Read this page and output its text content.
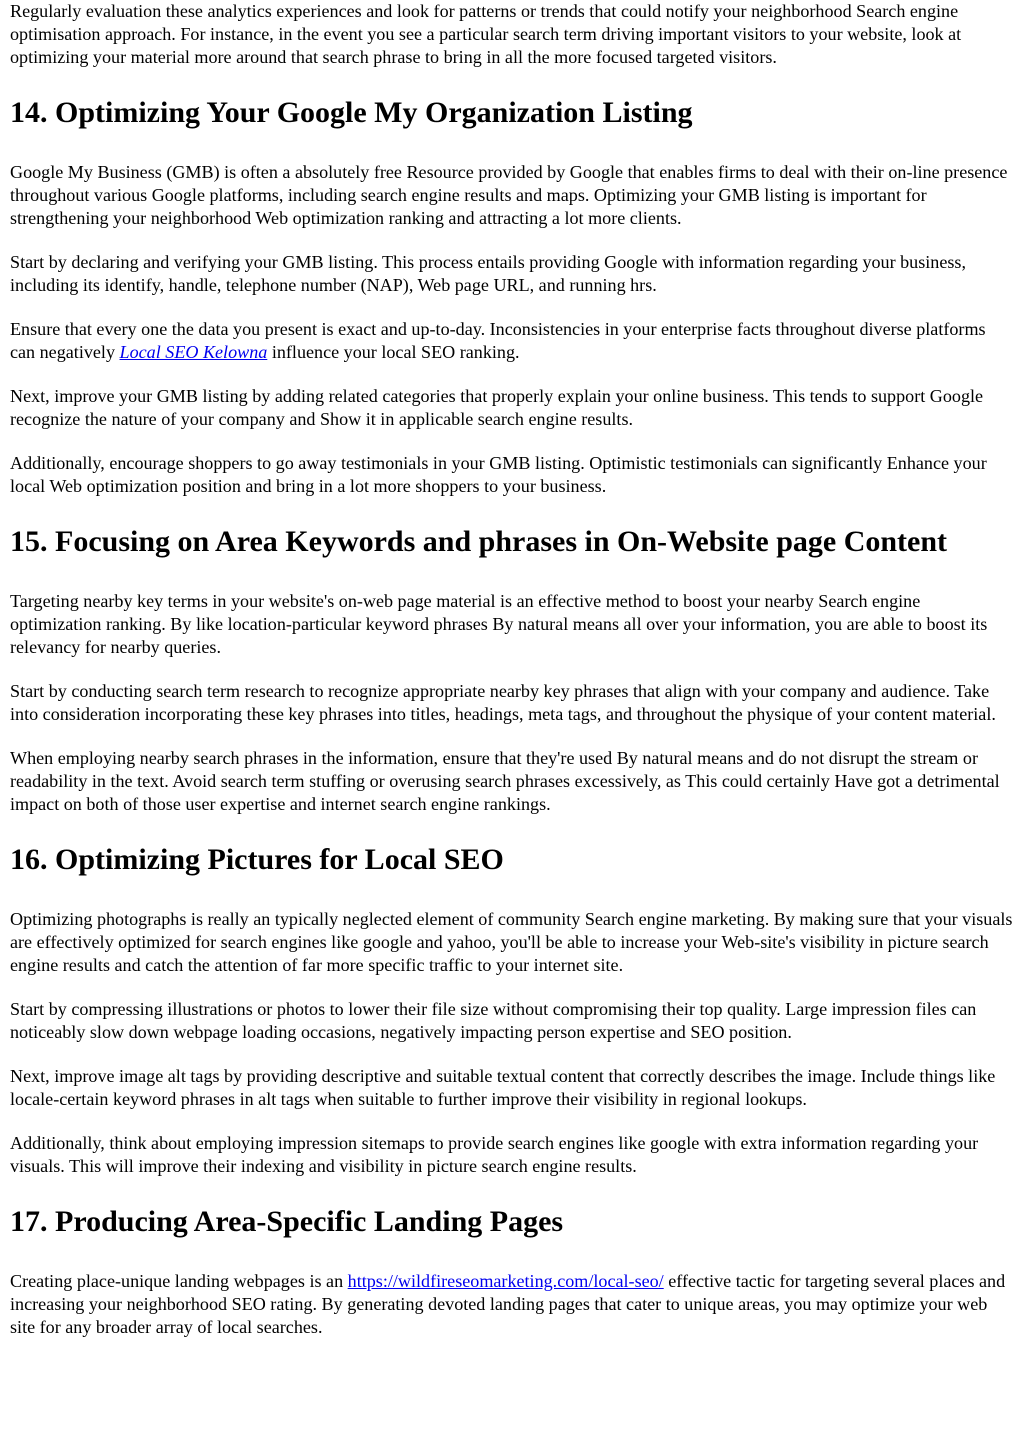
Regularly evaluation these analytics experiences and look for patterns or trends that could notify your neighborhood Search engine optimisation approach. For instance, in the event you see a particular search term driving important visitors to your website, look at optimizing your material more around that search phrase to bring in all the more focused targeted visitors.

14. Optimizing Your Google My Organization Listing

Google My Business (GMB) is often a absolutely free Resource provided by Google that enables firms to deal with their on-line presence throughout various Google platforms, including search engine results and maps. Optimizing your GMB listing is important for strengthening your neighborhood Web optimization ranking and attracting a lot more clients.

Start by declaring and verifying your GMB listing. This process entails providing Google with information regarding your business, including its identify, handle, telephone number (NAP), Web page URL, and running hrs.

Ensure that every one the data you present is exact and up-to-day. Inconsistencies in your enterprise facts throughout diverse platforms can negatively Local SEO Kelowna influence your local SEO ranking.

Next, improve your GMB listing by adding related categories that properly explain your online business. This tends to support Google recognize the nature of your company and Show it in applicable search engine results.

Additionally, encourage shoppers to go away testimonials in your GMB listing. Optimistic testimonials can significantly Enhance your local Web optimization position and bring in a lot more shoppers to your business.

15. Focusing on Area Keywords and phrases in On-Website page Content

Targeting nearby key terms in your website's on-web page material is an effective method to boost your nearby Search engine optimization ranking. By like location-particular keyword phrases By natural means all over your information, you are able to boost its relevancy for nearby queries.

Start by conducting search term research to recognize appropriate nearby key phrases that align with your company and audience. Take into consideration incorporating these key phrases into titles, headings, meta tags, and throughout the physique of your content material.

When employing nearby search phrases in the information, ensure that they're used By natural means and do not disrupt the stream or readability in the text. Avoid search term stuffing or overusing search phrases excessively, as This could certainly Have got a detrimental impact on both of those user expertise and internet search engine rankings.

16. Optimizing Pictures for Local SEO

Optimizing photographs is really an typically neglected element of community Search engine marketing. By making sure that your visuals are effectively optimized for search engines like google and yahoo, you'll be able to increase your Web-site's visibility in picture search engine results and catch the attention of far more specific traffic to your internet site.

Start by compressing illustrations or photos to lower their file size without compromising their top quality. Large impression files can noticeably slow down webpage loading occasions, negatively impacting person expertise and SEO position.

Next, improve image alt tags by providing descriptive and suitable textual content that correctly describes the image. Include things like locale-certain keyword phrases in alt tags when suitable to further improve their visibility in regional lookups.

Additionally, think about employing impression sitemaps to provide search engines like google with extra information regarding your visuals. This will improve their indexing and visibility in picture search engine results.

17. Producing Area-Specific Landing Pages

Creating place-unique landing webpages is an https://wildfireseomarketing.com/local-seo/ effective tactic for targeting several places and increasing your neighborhood SEO rating. By generating devoted landing pages that cater to unique areas, you may optimize your web site for any broader array of local searches.
